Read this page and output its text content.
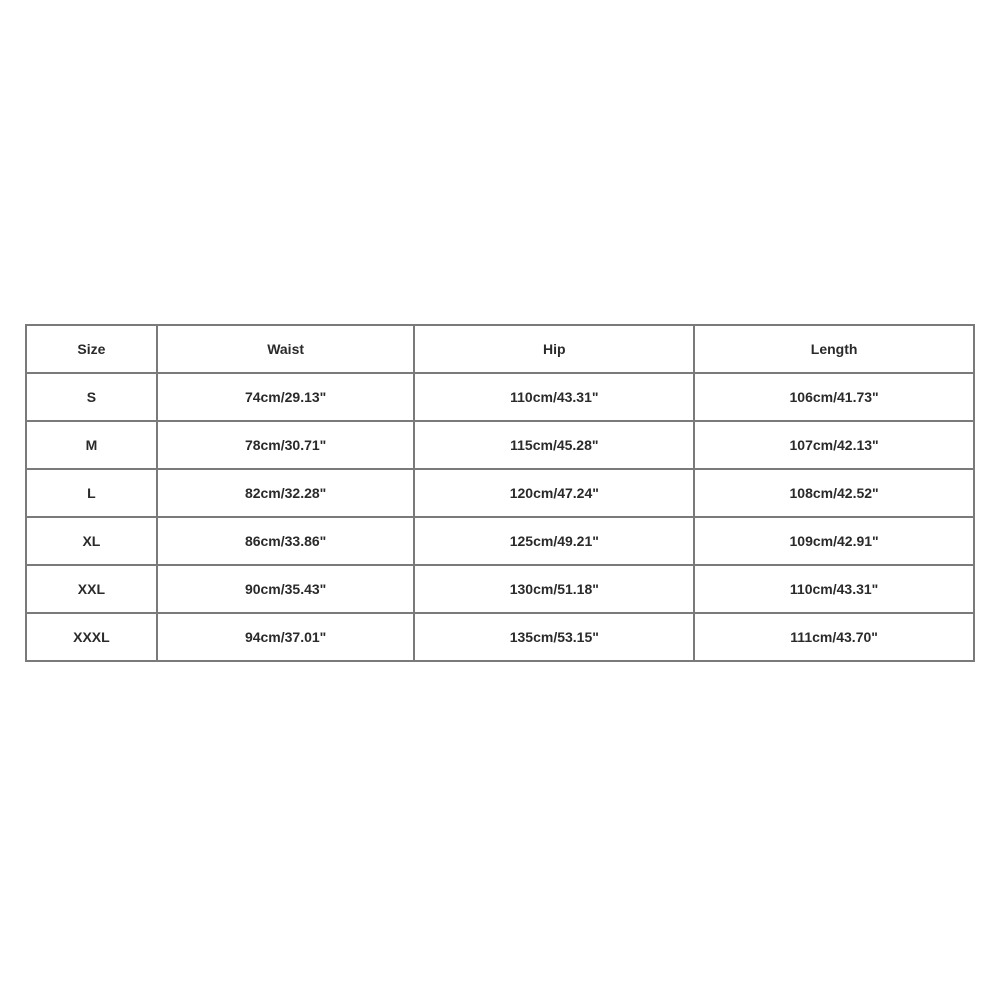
Size	Waist	Hip	Length
S	74cm/29.13"	110cm/43.31"	106cm/41.73"
M	78cm/30.71"	115cm/45.28"	107cm/42.13"
L	82cm/32.28"	120cm/47.24"	108cm/42.52"
XL	86cm/33.86"	125cm/49.21"	109cm/42.91"
XXL	90cm/35.43"	130cm/51.18"	110cm/43.31"
XXXL	94cm/37.01"	135cm/53.15"	111cm/43.70"
